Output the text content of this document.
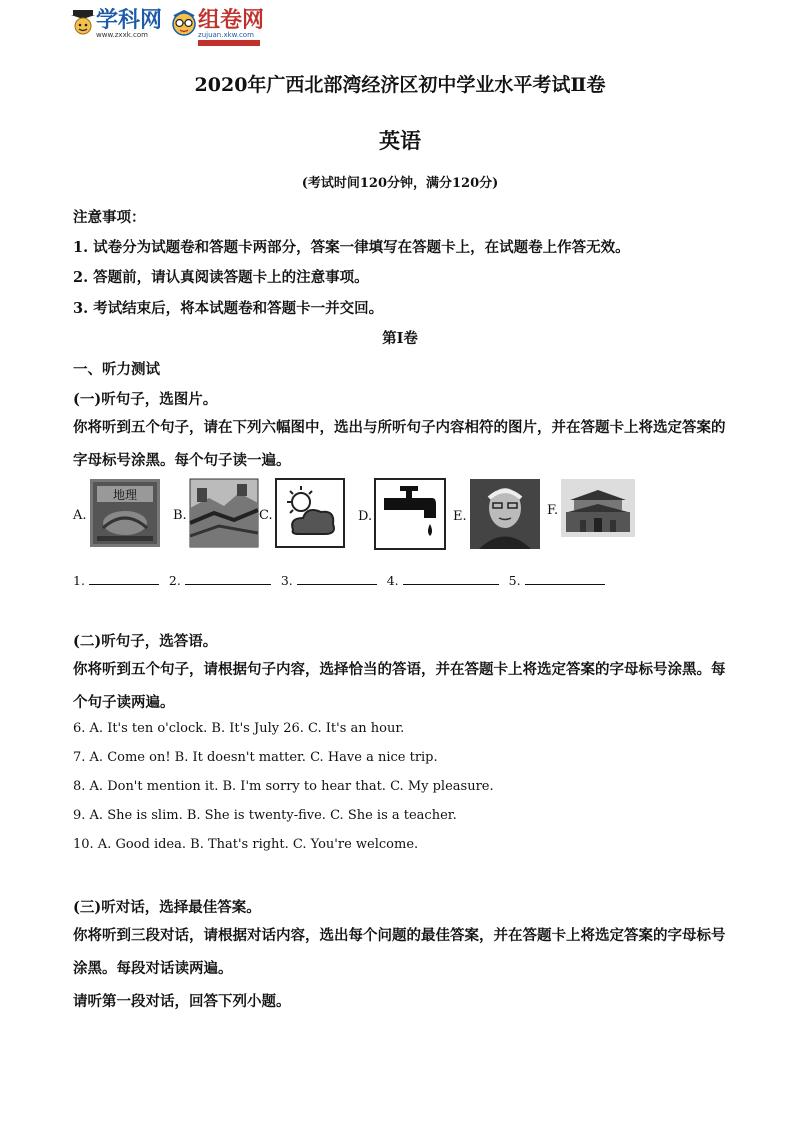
学科网
www.zxxk.com
组卷网
zujuan.xkw.com
2020年广西北部湾经济区初中学业水平考试Ⅱ卷
英语
(考试时间120分钟，满分120分)
注意事项：
1. 试卷分为试题卷和答题卡两部分，答案一律填写在答题卡上，在试题卷上作答无效。
2. 答题前，请认真阅读答题卡上的注意事项。
3. 考试结束后，将本试题卷和答题卡一并交回。
第I卷
一、听力测试
(一)听句子，选图片。
你将听到五个句子，请在下列六幅图中，选出与所听句子内容相符的图片，并在答题卡上将选定答案的字母标号涂黑。每个句子读一遍。
A.
地理
B.	C.	D.	E.	F.
1.	2.	3.	4.	5.
(二)听句子，选答语。
你将听到五个句子，请根据句子内容，选择恰当的答语，并在答题卡上将选定答案的字母标号涂黑。每个句子读两遍。
6. A. It's ten o'clock. B. It's July 26. C. It's an hour.
7. A. Come on! B. It doesn't matter. C. Have a nice trip.
8. A. Don't mention it. B. I'm sorry to hear that. C. My pleasure.
9. A. She is slim. B. She is twenty-five. C. She is a teacher.
10. A. Good idea. B. That's right. C. You're welcome.
(三)听对话，选择最佳答案。
你将听到三段对话，请根据对话内容，选出每个问题的最佳答案，并在答题卡上将选定答案的字母标号涂黑。每段对话读两遍。
请听第一段对话，回答下列小题。
